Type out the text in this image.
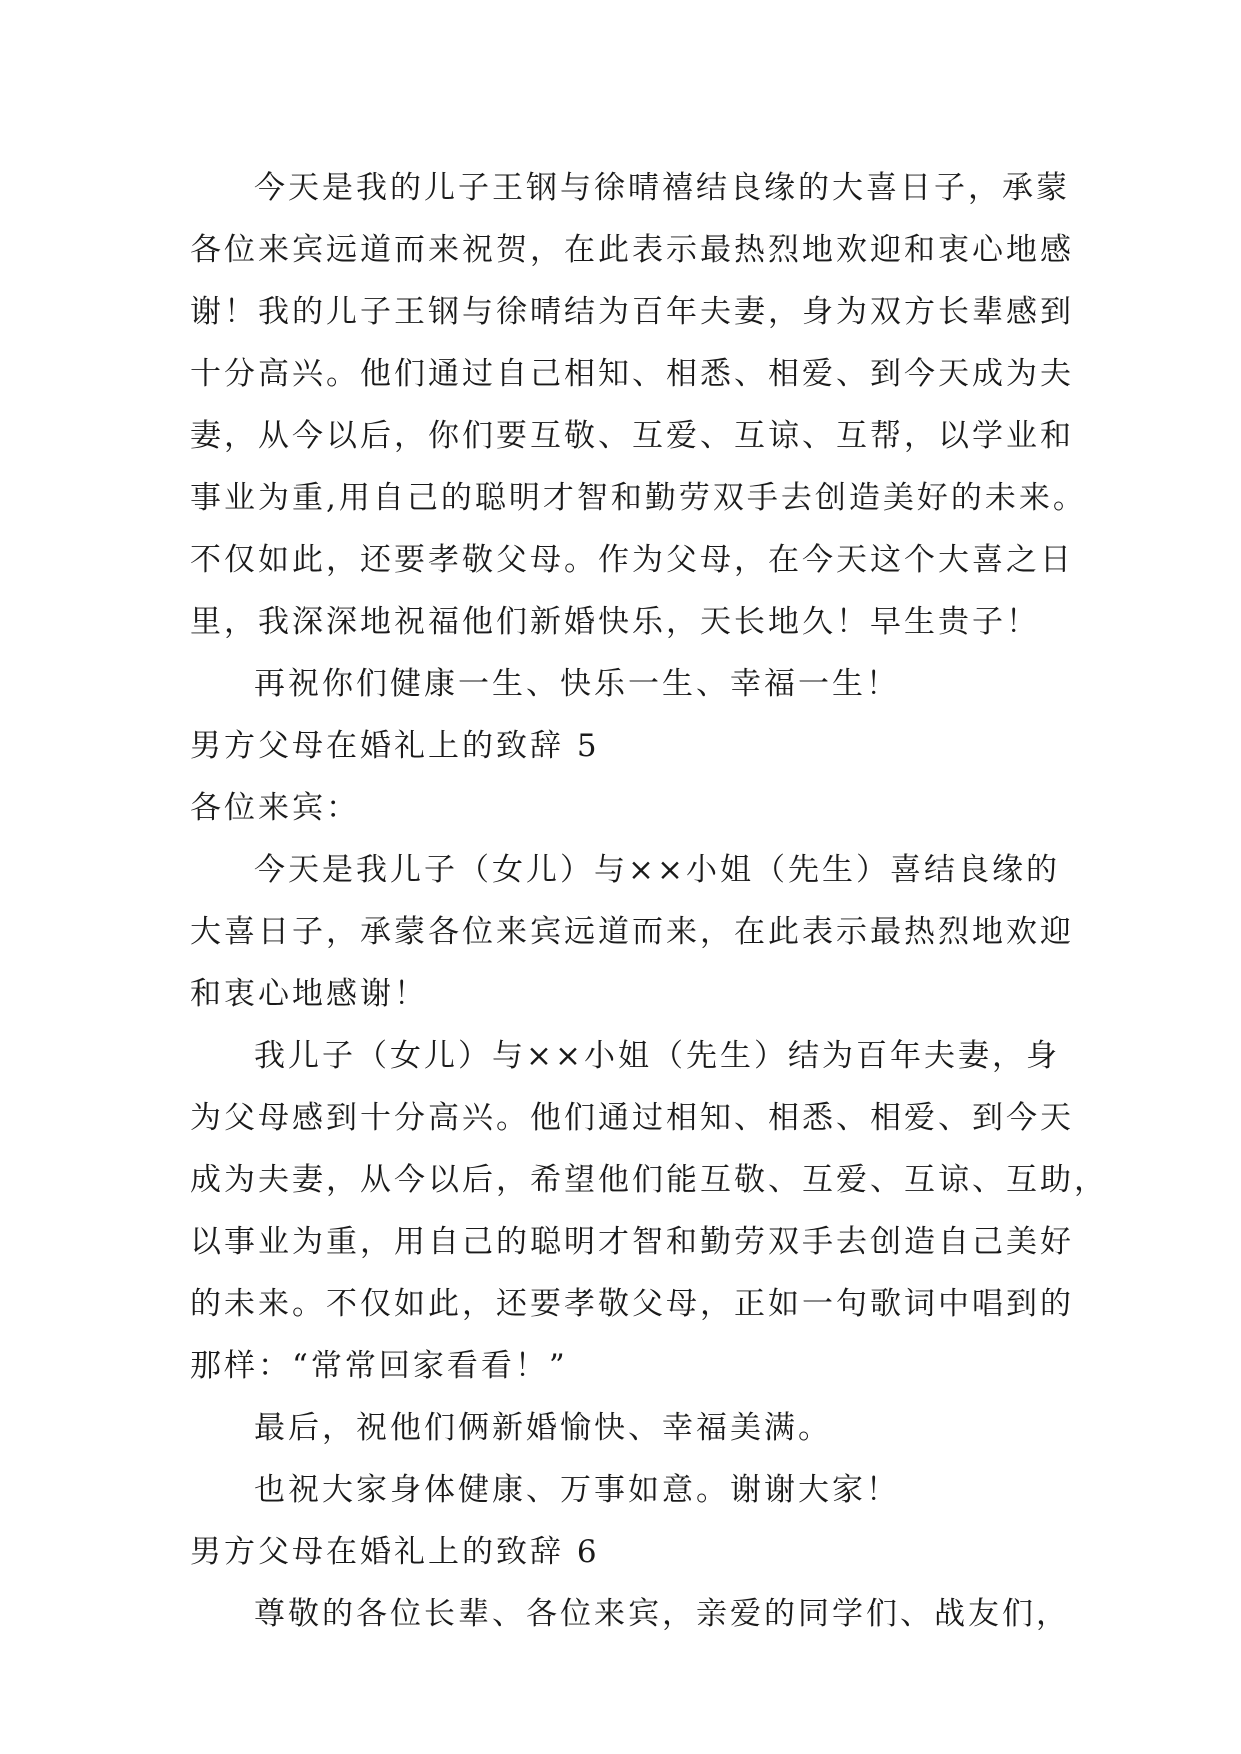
今天是我的儿子王钢与徐晴禧结良缘的大喜日子，承蒙
各位来宾远道而来祝贺，在此表示最热烈地欢迎和衷心地感
谢！我的儿子王钢与徐晴结为百年夫妻，身为双方长辈感到
十分高兴。他们通过自己相知、相悉、相爱、到今天成为夫
妻，从今以后，你们要互敬、互爱、互谅、互帮，以学业和
事业为重,用自己的聪明才智和勤劳双手去创造美好的未来。
不仅如此，还要孝敬父母。作为父母，在今天这个大喜之日
里，我深深地祝福他们新婚快乐，天长地久！早生贵子！
再祝你们健康一生、快乐一生、幸福一生！
男方父母在婚礼上的致辞 5
各位来宾：
今天是我儿子（女儿）与××小姐（先生）喜结良缘的
大喜日子，承蒙各位来宾远道而来，在此表示最热烈地欢迎
和衷心地感谢！
我儿子（女儿）与××小姐（先生）结为百年夫妻，身
为父母感到十分高兴。他们通过相知、相悉、相爱、到今天
成为夫妻，从今以后，希望他们能互敬、互爱、互谅、互助，
以事业为重，用自己的聪明才智和勤劳双手去创造自己美好
的未来。不仅如此，还要孝敬父母，正如一句歌词中唱到的
那样：“常常回家看看！”
最后，祝他们俩新婚愉快、幸福美满。
也祝大家身体健康、万事如意。谢谢大家！
男方父母在婚礼上的致辞 6
尊敬的各位长辈、各位来宾，亲爱的同学们、战友们，
